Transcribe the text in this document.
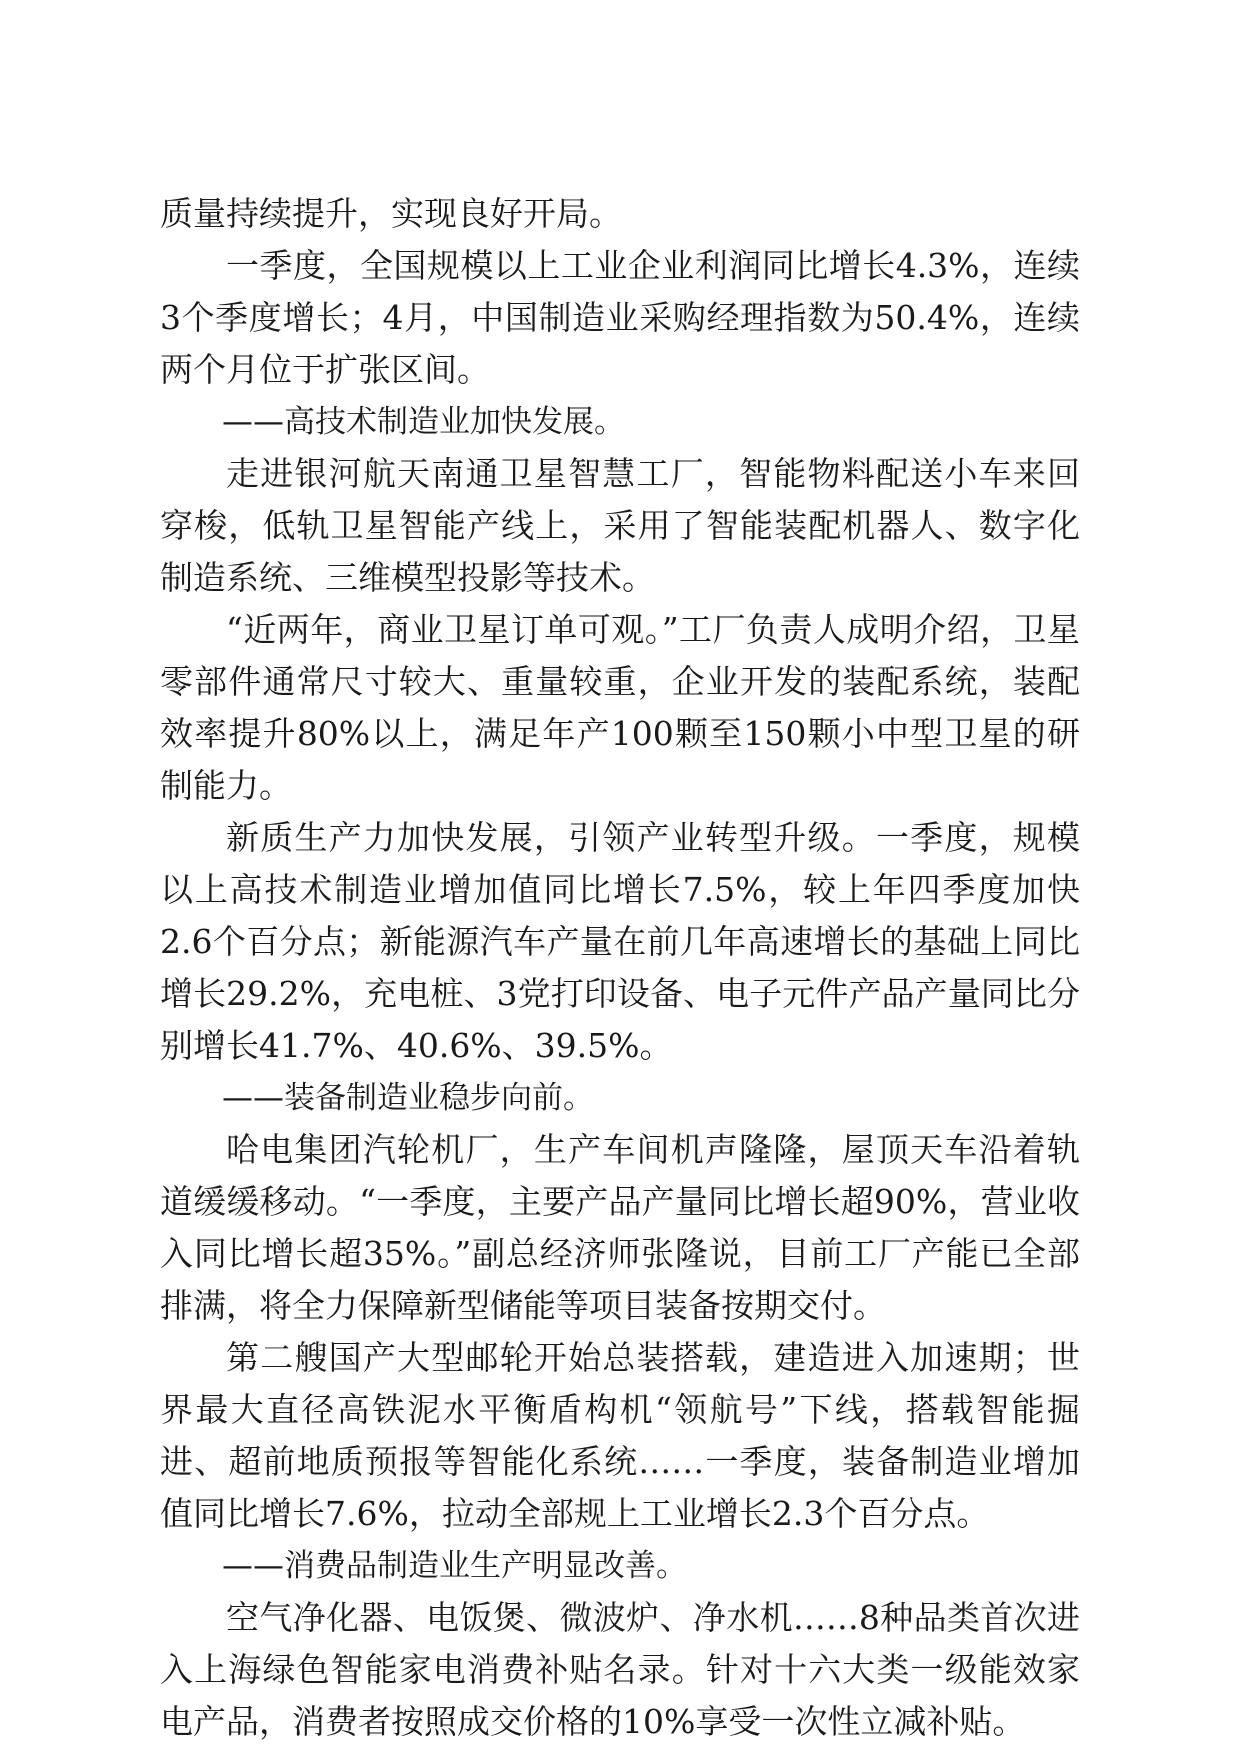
质量持续提升，实现良好开局。

一季度，全国规模以上工业企业利润同比增长4.3%，连续3个季度增长；4月，中国制造业采购经理指数为50.4%，连续两个月位于扩张区间。

——高技术制造业加快发展。

走进银河航天南通卫星智慧工厂，智能物料配送小车来回穿梭，低轨卫星智能产线上，采用了智能装配机器人、数字化制造系统、三维模型投影等技术。

“近两年，商业卫星订单可观。”工厂负责人成明介绍，卫星零部件通常尺寸较大、重量较重，企业开发的装配系统，装配效率提升80%以上，满足年产100颗至150颗小中型卫星的研制能力。

新质生产力加快发展，引领产业转型升级。一季度，规模以上高技术制造业增加值同比增长7.5%，较上年四季度加快2.6个百分点；新能源汽车产量在前几年高速增长的基础上同比增长29.2%，充电桩、3党打印设备、电子元件产品产量同比分别增长41.7%、40.6%、39.5%。

——装备制造业稳步向前。

哈电集团汽轮机厂，生产车间机声隆隆，屋顶天车沿着轨道缓缓移动。“一季度，主要产品产量同比增长超90%，营业收入同比增长超35%。”副总经济师张隆说，目前工厂产能已全部排满，将全力保障新型储能等项目装备按期交付。

第二艘国产大型邮轮开始总装搭载，建造进入加速期；世界最大直径高铁泥水平衡盾构机“领航号”下线，搭载智能掘进、超前地质预报等智能化系统……一季度，装备制造业增加值同比增长7.6%，拉动全部规上工业增长2.3个百分点。

——消费品制造业生产明显改善。

空气净化器、电饭煲、微波炉、净水机……8种品类首次进入上海绿色智能家电消费补贴名录。针对十六大类一级能效家电产品，消费者按照成交价格的10%享受一次性立减补贴。
